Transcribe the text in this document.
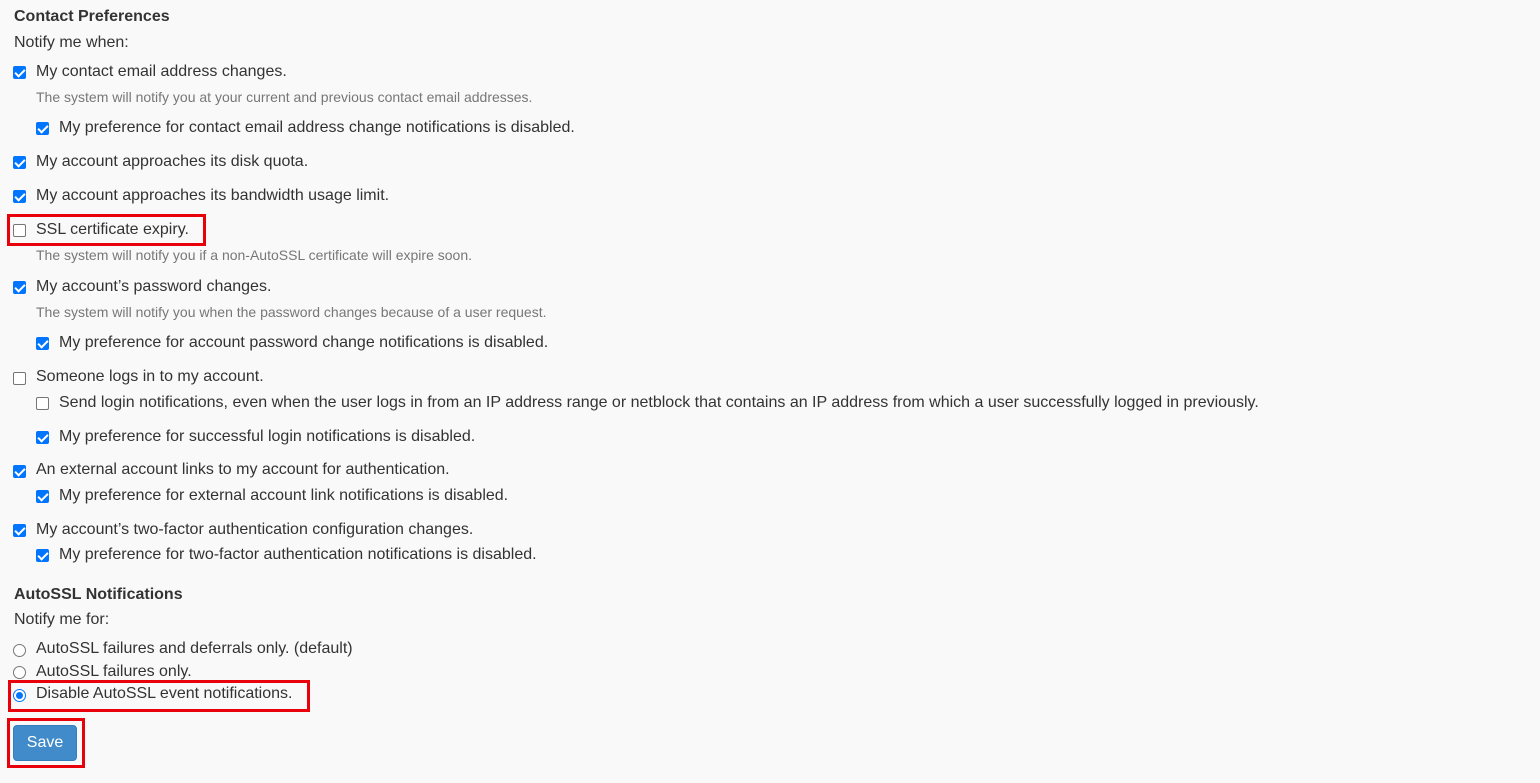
Contact Preferences
Notify me when:
My contact email address changes.
The system will notify you at your current and previous contact email addresses.
My preference for contact email address change notifications is disabled.
My account approaches its disk quota.
My account approaches its bandwidth usage limit.
SSL certificate expiry.
The system will notify you if a non-AutoSSL certificate will expire soon.
My account’s password changes.
The system will notify you when the password changes because of a user request.
My preference for account password change notifications is disabled.
Someone logs in to my account.
Send login notifications, even when the user logs in from an IP address range or netblock that contains an IP address from which a user successfully logged in previously.
My preference for successful login notifications is disabled.
An external account links to my account for authentication.
My preference for external account link notifications is disabled.
My account’s two-factor authentication configuration changes.
My preference for two-factor authentication notifications is disabled.
AutoSSL Notifications
Notify me for:
AutoSSL failures and deferrals only. (default)
AutoSSL failures only.
Disable AutoSSL event notifications.
Save
